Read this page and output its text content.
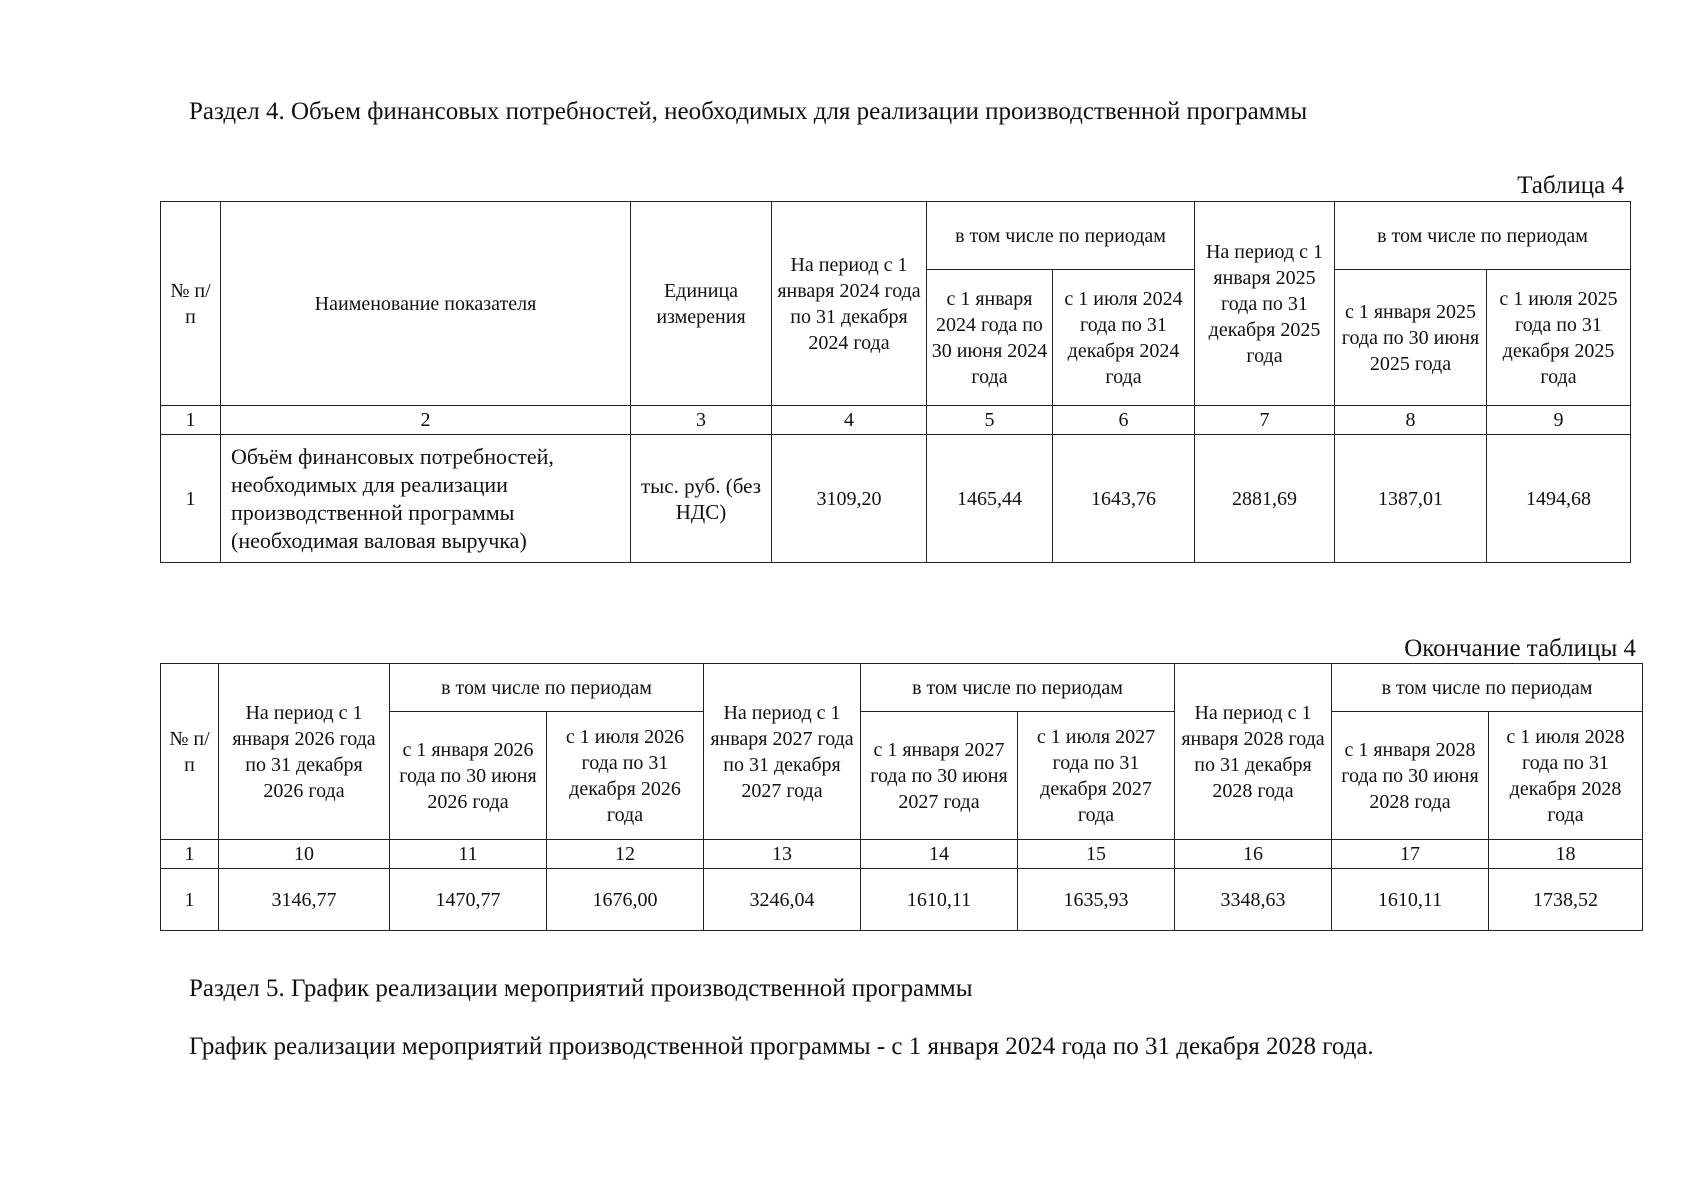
Раздел 4. Объем финансовых потребностей, необходимых для реализации производственной программы
Таблица 4
№ п/п	Наименование показателя	Единица измерения	На период с 1 января 2024 года по 31 декабря 2024 года	в том числе по периодам		На период с 1 января 2025 года по 31 декабря 2025 года	в том числе по периодам	
				с 1 января 2024 года по 30 июня 2024 года	с 1 июля 2024 года по 31 декабря 2024 года		с 1 января 2025 года по 30 июня 2025 года	с 1 июля 2025 года по 31 декабря 2025 года
1	2	3	4	5	6	7	8	9
1	Объём финансовых потребностей, необходимых для реализации производственной программы (необходимая валовая выручка)	тыс. руб. (без НДС)	3109,20	1465,44	1643,76	2881,69	1387,01	1494,68
Окончание таблицы 4
№ п/п	На период с 1 января 2026 года по 31 декабря 2026 года	в том числе по периодам		На период с 1 января 2027 года по 31 декабря 2027 года	в том числе по периодам		На период с 1 января 2028 года по 31 декабря 2028 года	в том числе по периодам	
		с 1 января 2026 года по 30 июня 2026 года	с 1 июля 2026 года по 31 декабря 2026 года		с 1 января 2027 года по 30 июня 2027 года	с 1 июля 2027 года по 31 декабря 2027 года		с 1 января 2028 года по 30 июня 2028 года	с 1 июля 2028 года по 31 декабря 2028 года
1	10	11	12	13	14	15	16	17	18
1	3146,77	1470,77	1676,00	3246,04	1610,11	1635,93	3348,63	1610,11	1738,52
Раздел 5. График реализации мероприятий производственной программы
График реализации мероприятий производственной программы - с 1 января 2024 года по 31 декабря 2028 года.
